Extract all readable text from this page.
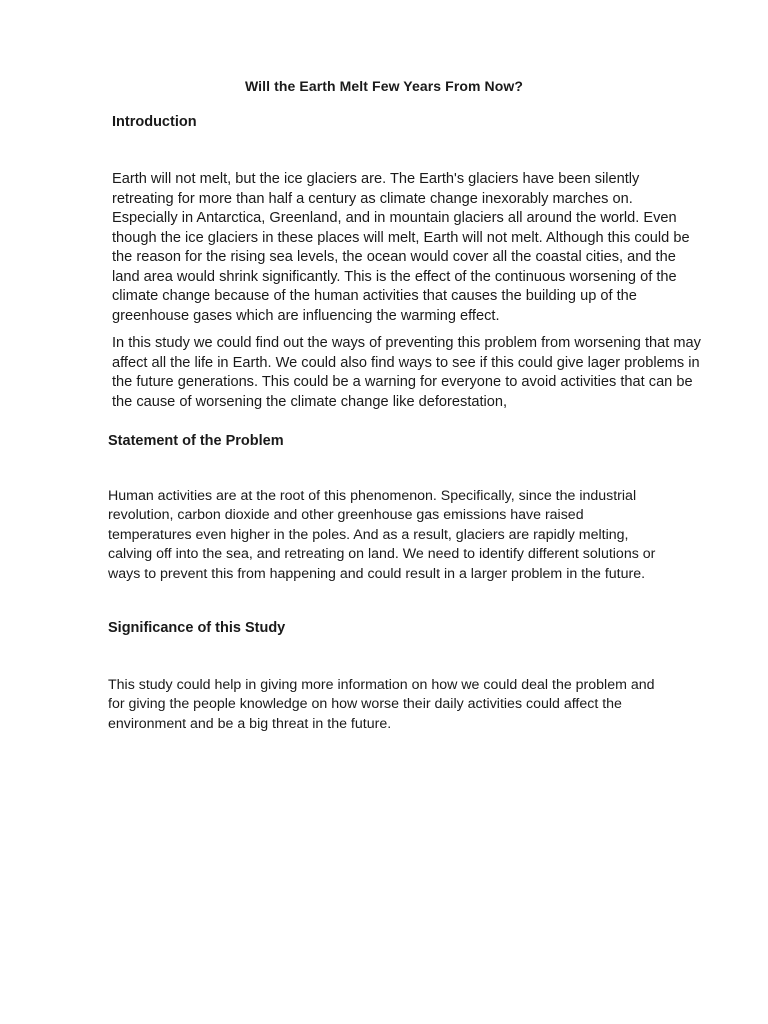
Will the Earth Melt Few Years From Now?
Introduction

Earth will not melt, but the ice glaciers are. The Earth's glaciers have been silently retreating for more than half a century as climate change inexorably marches on. Especially in Antarctica, Greenland, and in mountain glaciers all around the world. Even though the ice glaciers in these places will melt, Earth will not melt. Although this could be the reason for the rising sea levels, the ocean would cover all the coastal cities, and the land area would shrink significantly. This is the effect of the continuous worsening of the climate change because of the human activities that causes the building up of the greenhouse gases which are influencing the warming effect.

In this study we could find out the ways of preventing this problem from worsening that may affect all the life in Earth. We could also find ways to see if this could give lager problems in the future generations. This could be a warning for everyone to avoid activities that can be the cause of worsening the climate change like deforestation,

Statement of the Problem

Human activities are at the root of this phenomenon. Specifically, since the industrial revolution, carbon dioxide and other greenhouse gas emissions have raised temperatures even higher in the poles. And as a result, glaciers are rapidly melting, calving off into the sea, and retreating on land. We need to identify different solutions or ways to prevent this from happening and could result in a larger problem in the future.

Significance of this Study

This study could help in giving more information on how we could deal the problem and for giving the people knowledge on how worse their daily activities could affect the environment and be a big threat in the future.
